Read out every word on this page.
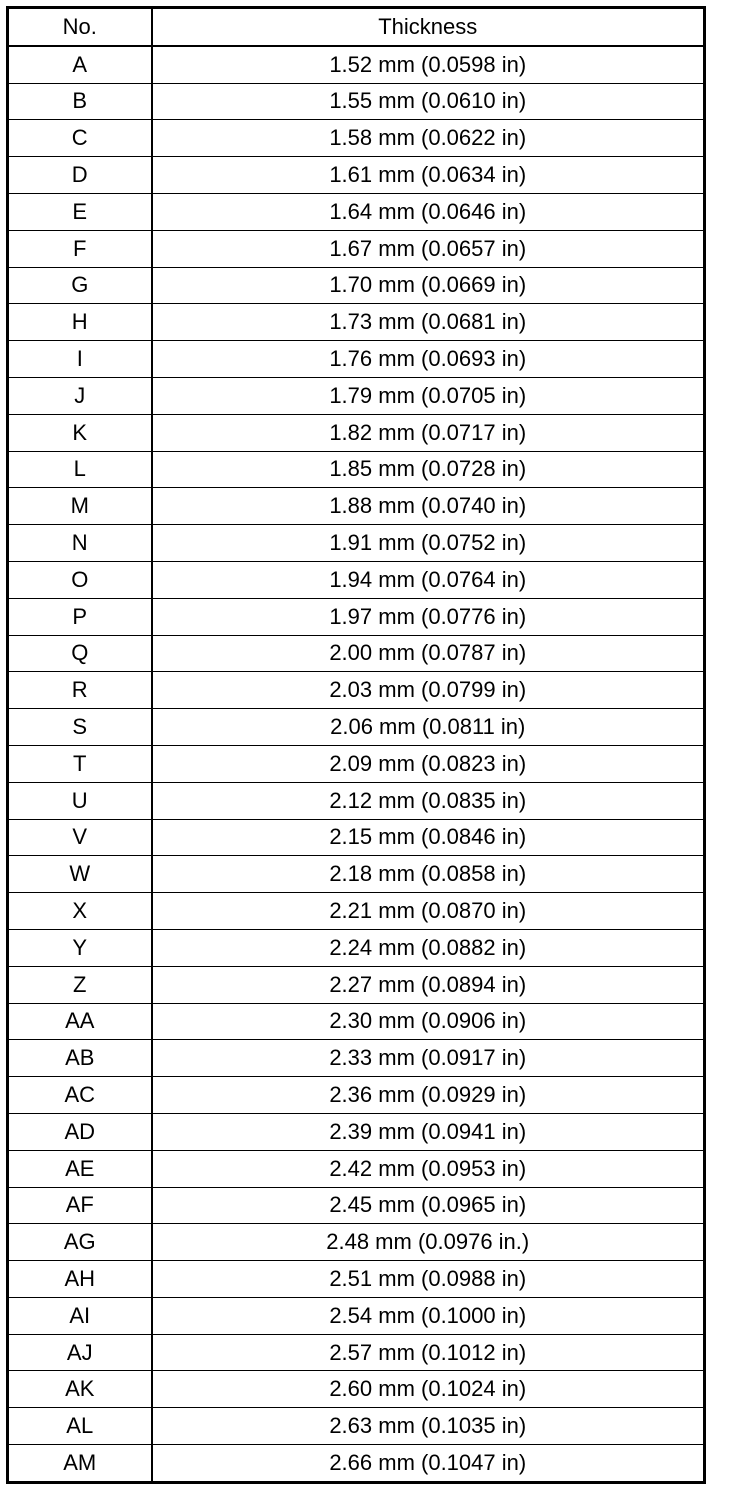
No.	Thickness
A	1.52 mm (0.0598 in)
B	1.55 mm (0.0610 in)
C	1.58 mm (0.0622 in)
D	1.61 mm (0.0634 in)
E	1.64 mm (0.0646 in)
F	1.67 mm (0.0657 in)
G	1.70 mm (0.0669 in)
H	1.73 mm (0.0681 in)
I	1.76 mm (0.0693 in)
J	1.79 mm (0.0705 in)
K	1.82 mm (0.0717 in)
L	1.85 mm (0.0728 in)
M	1.88 mm (0.0740 in)
N	1.91 mm (0.0752 in)
O	1.94 mm (0.0764 in)
P	1.97 mm (0.0776 in)
Q	2.00 mm (0.0787 in)
R	2.03 mm (0.0799 in)
S	2.06 mm (0.0811 in)
T	2.09 mm (0.0823 in)
U	2.12 mm (0.0835 in)
V	2.15 mm (0.0846 in)
W	2.18 mm (0.0858 in)
X	2.21 mm (0.0870 in)
Y	2.24 mm (0.0882 in)
Z	2.27 mm (0.0894 in)
AA	2.30 mm (0.0906 in)
AB	2.33 mm (0.0917 in)
AC	2.36 mm (0.0929 in)
AD	2.39 mm (0.0941 in)
AE	2.42 mm (0.0953 in)
AF	2.45 mm (0.0965 in)
AG	2.48 mm (0.0976 in.)
AH	2.51 mm (0.0988 in)
AI	2.54 mm (0.1000 in)
AJ	2.57 mm (0.1012 in)
AK	2.60 mm (0.1024 in)
AL	2.63 mm (0.1035 in)
AM	2.66 mm (0.1047 in)
